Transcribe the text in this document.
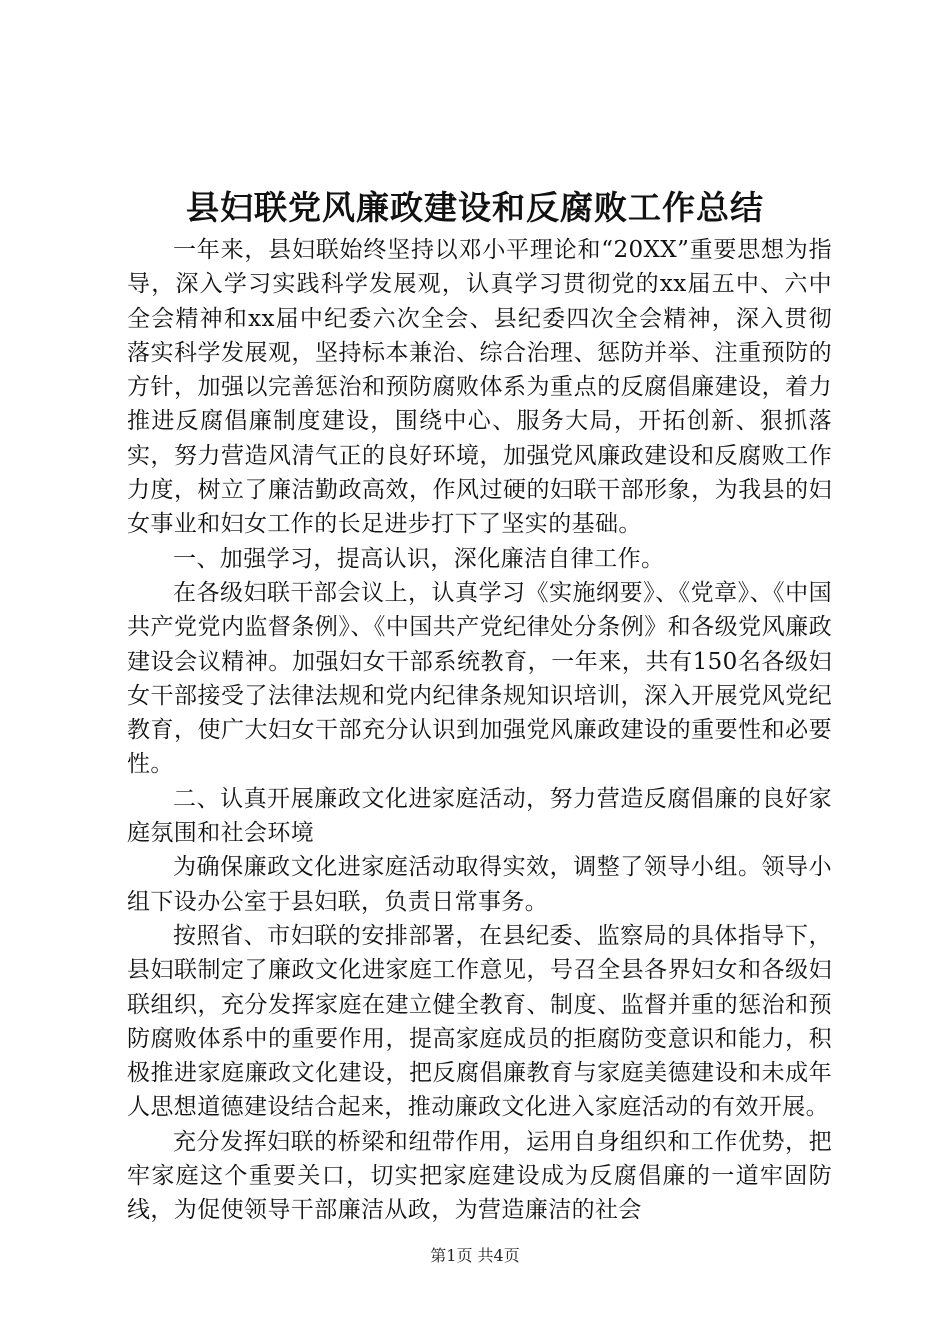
县妇联党风廉政建设和反腐败工作总结

一年来，县妇联始终坚持以邓小平理论和“20XX”重要思想为指导，深入学习实践科学发展观，认真学习贯彻党的xx届五中、六中全会精神和xx届中纪委六次全会、县纪委四次全会精神，深入贯彻落实科学发展观，坚持标本兼治、综合治理、惩防并举、注重预防的方针，加强以完善惩治和预防腐败体系为重点的反腐倡廉建设，着力推进反腐倡廉制度建设，围绕中心、服务大局，开拓创新、狠抓落实，努力营造风清气正的良好环境，加强党风廉政建设和反腐败工作力度，树立了廉洁勤政高效，作风过硬的妇联干部形象，为我县的妇女事业和妇女工作的长足进步打下了坚实的基础。

一、加强学习，提高认识，深化廉洁自律工作。

在各级妇联干部会议上，认真学习《实施纲要》、《党章》、《中国共产党党内监督条例》、《中国共产党纪律处分条例》和各级党风廉政建设会议精神。加强妇女干部系统教育，一年来，共有150名各级妇女干部接受了法律法规和党内纪律条规知识培训，深入开展党风党纪教育，使广大妇女干部充分认识到加强党风廉政建设的重要性和必要性。

二、认真开展廉政文化进家庭活动，努力营造反腐倡廉的良好家庭氛围和社会环境

为确保廉政文化进家庭活动取得实效，调整了领导小组。领导小组下设办公室于县妇联，负责日常事务。

按照省、市妇联的安排部署，在县纪委、监察局的具体指导下，县妇联制定了廉政文化进家庭工作意见，号召全县各界妇女和各级妇联组织，充分发挥家庭在建立健全教育、制度、监督并重的惩治和预防腐败体系中的重要作用，提高家庭成员的拒腐防变意识和能力，积极推进家庭廉政文化建设，把反腐倡廉教育与家庭美德建设和未成年人思想道德建设结合起来，推动廉政文化进入家庭活动的有效开展。

充分发挥妇联的桥梁和纽带作用，运用自身组织和工作优势，把牢家庭这个重要关口，切实把家庭建设成为反腐倡廉的一道牢固防线，为促使领导干部廉洁从政，为营造廉洁的社会

第1页 共4页
